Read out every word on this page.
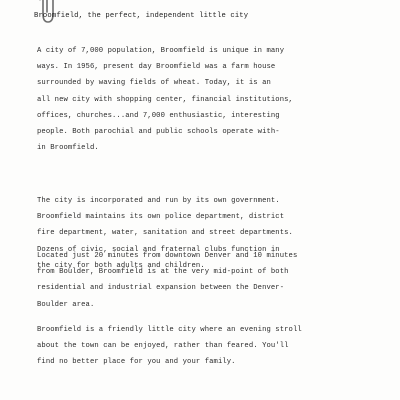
Broomfield, the perfect, independent little city

A city of 7,000 population, Broomfield is unique in many
ways. In 1956, present day Broomfield was a farm house
surrounded by waving fields of wheat. Today, it is an
all new city with shopping center, financial institutions,
offices, churches...and 7,000 enthusiastic, interesting
people. Both parochial and public schools operate with-
in Broomfield.

The city is incorporated and run by its own government.
Broomfield maintains its own police department, district
fire department, water, sanitation and street departments.
Dozens of civic, social and fraternal clubs function in
the city for both adults and children.

Located just 20 minutes from downtown Denver and 10 minutes
from Boulder, Broomfield is at the very mid-point of both
residential and industrial expansion between the Denver-
Boulder area.

Broomfield is a friendly little city where an evening stroll
about the town can be enjoyed, rather than feared. You'll
find no better place for you and your family.
